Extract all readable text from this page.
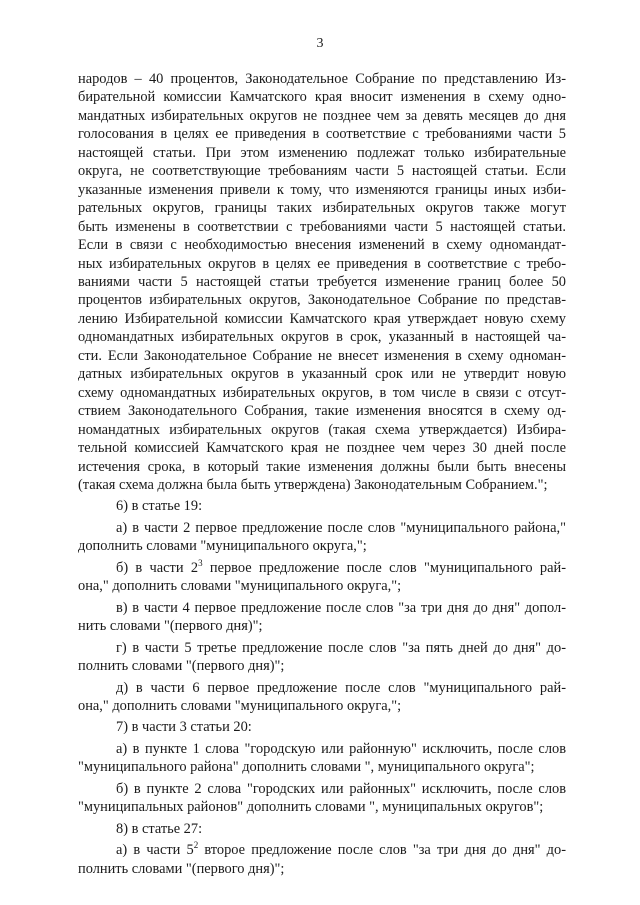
3
народов – 40 процентов, Законодательное Собрание по представлению Из-
бирательной комиссии Камчатского края вносит изменения в схему одно-
мандатных избирательных округов не позднее чем за девять месяцев до дня
голосования в целях ее приведения в соответствие с требованиями части 5
настоящей статьи. При этом изменению подлежат только избирательные
округа, не соответствующие требованиям части 5 настоящей статьи. Если
указанные изменения привели к тому, что изменяются границы иных изби-
рательных округов, границы таких избирательных округов также могут
быть изменены в соответствии с требованиями части 5 настоящей статьи.
Если в связи с необходимостью внесения изменений в схему одномандат-
ных избирательных округов в целях ее приведения в соответствие с требо-
ваниями части 5 настоящей статьи требуется изменение границ более 50
процентов избирательных округов, Законодательное Собрание по представ-
лению Избирательной комиссии Камчатского края утверждает новую схему
одномандатных избирательных округов в срок, указанный в настоящей ча-
сти. Если Законодательное Собрание не внесет изменения в схему одноман-
датных избирательных округов в указанный срок или не утвердит новую
схему одномандатных избирательных округов, в том числе в связи с отсут-
ствием Законодательного Собрания, такие изменения вносятся в схему од-
номандатных избирательных округов (такая схема утверждается) Избира-
тельной комиссией Камчатского края не позднее чем через 30 дней после
истечения срока, в который такие изменения должны были быть внесены
(такая схема должна была быть утверждена) Законодательным Собранием.";
6) в статье 19:
а) в части 2 первое предложение после слов "муниципального района,"
дополнить словами "муниципального округа,";
б) в части $2^3$ первое предложение после слов "муниципального рай-
она," дополнить словами "муниципального округа,";
в) в части 4 первое предложение после слов "за три дня до дня" допол-
нить словами "(первого дня)";
г) в части 5 третье предложение после слов "за пять дней до дня" до-
полнить словами "(первого дня)";
д) в части 6 первое предложение после слов "муниципального рай-
она," дополнить словами "муниципального округа,";
7) в части 3 статьи 20:
а) в пункте 1 слова "городскую или районную" исключить, после слов
"муниципального района" дополнить словами ", муниципального округа";
б) в пункте 2 слова "городских или районных" исключить, после слов
"муниципальных районов" дополнить словами ", муниципальных округов";
8) в статье 27:
а) в части $5^2$ второе предложение после слов "за три дня до дня" до-
полнить словами "(первого дня)";
